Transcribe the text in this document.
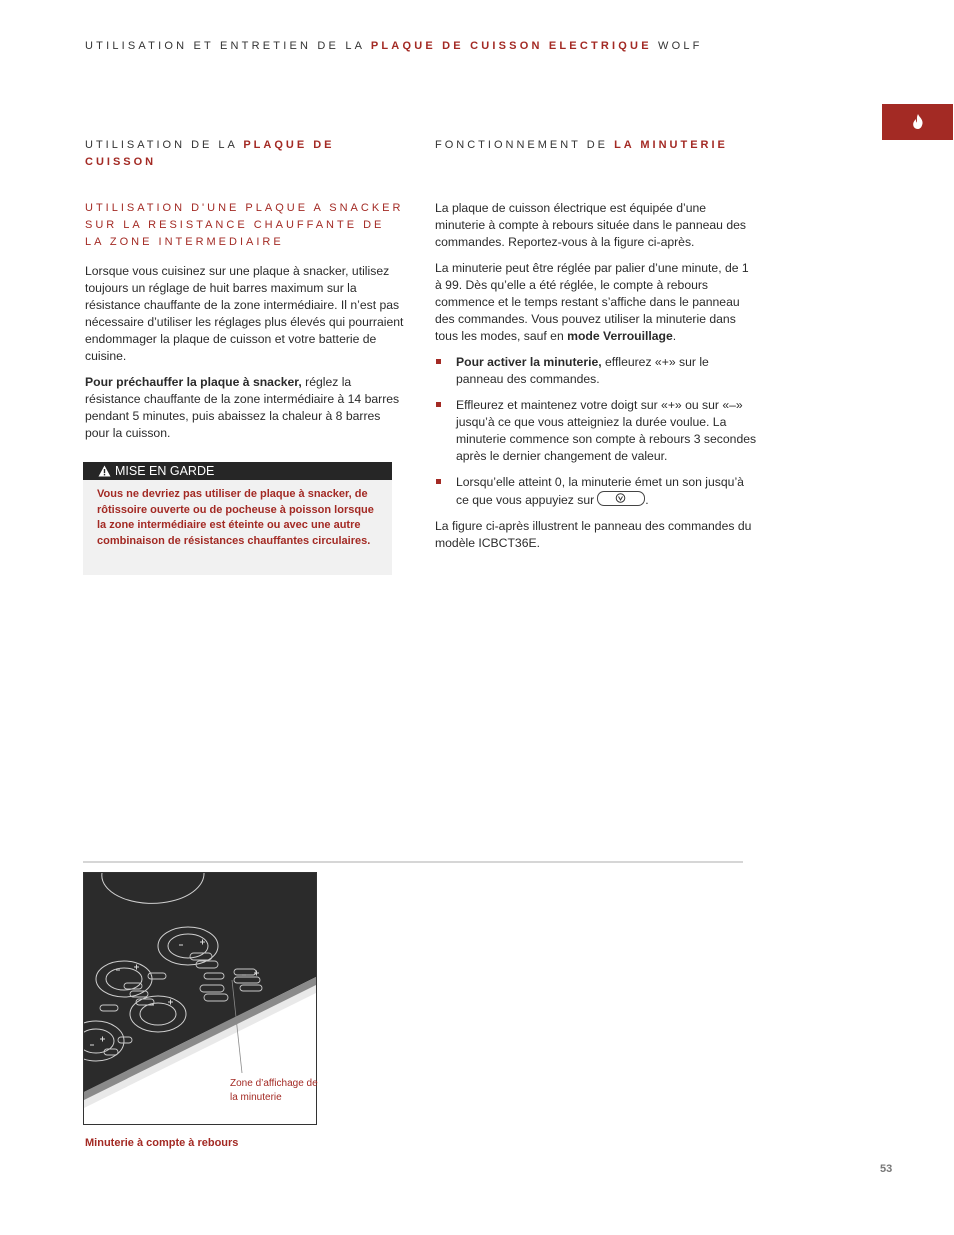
UTILISATION ET ENTRETIEN DE LA PLAQUE DE CUISSON ELECTRIQUE WOLF
UTILISATION DE LA PLAQUE DE CUISSON
UTILISATION D'UNE PLAQUE A SNACKER SUR LA RESISTANCE CHAUFFANTE DE LA ZONE INTERMEDIAIRE

Lorsque vous cuisinez sur une plaque à snacker, utilisez toujours un réglage de huit barres maximum sur la résistance chauffante de la zone intermédiaire. Il n’est pas nécessaire d’utiliser les réglages plus élevés qui pourraient endommager la plaque de cuisson et votre batterie de cuisine.

Pour préchauffer la plaque à snacker, réglez la résistance chauffante de la zone intermédiaire à 14 barres pendant 5 minutes, puis abaissez la chaleur à 8 barres pour la cuisson.

MISE EN GARDE
Vous ne devriez pas utiliser de plaque à snacker, de rôtissoire ouverte ou de pocheuse à poisson lorsque la zone intermédiaire est éteinte ou avec une autre combinaison de résistances chauffantes circulaires.
FONCTIONNEMENT DE LA MINUTERIE

La plaque de cuisson électrique est équipée d’une minuterie à compte à rebours située dans le panneau des commandes. Reportez-vous à la figure ci-après.

La minuterie peut être réglée par palier d’une minute, de 1 à 99. Dès qu’elle a été réglée, le compte à rebours commence et le temps restant s’affiche dans le panneau des commandes. Vous pouvez utiliser la minuterie dans tous les modes, sauf en mode Verrouillage.

Pour activer la minuterie, effleurez «+» sur le panneau des commandes.
Effleurez et maintenez votre doigt sur «+» ou sur «–» jusqu’à ce que vous atteigniez la durée voulue. La minuterie commence son compte à rebours 3 secondes après le dernier changement de valeur.
Lorsqu’elle atteint 0, la minuterie émet un son jusqu’à ce que vous appuyiez sur	.

La figure ci-après illustrent le panneau des commandes du modèle ICBCT36E.

Zone d’affichage de la minuterie
Minuterie à compte à rebours
53
